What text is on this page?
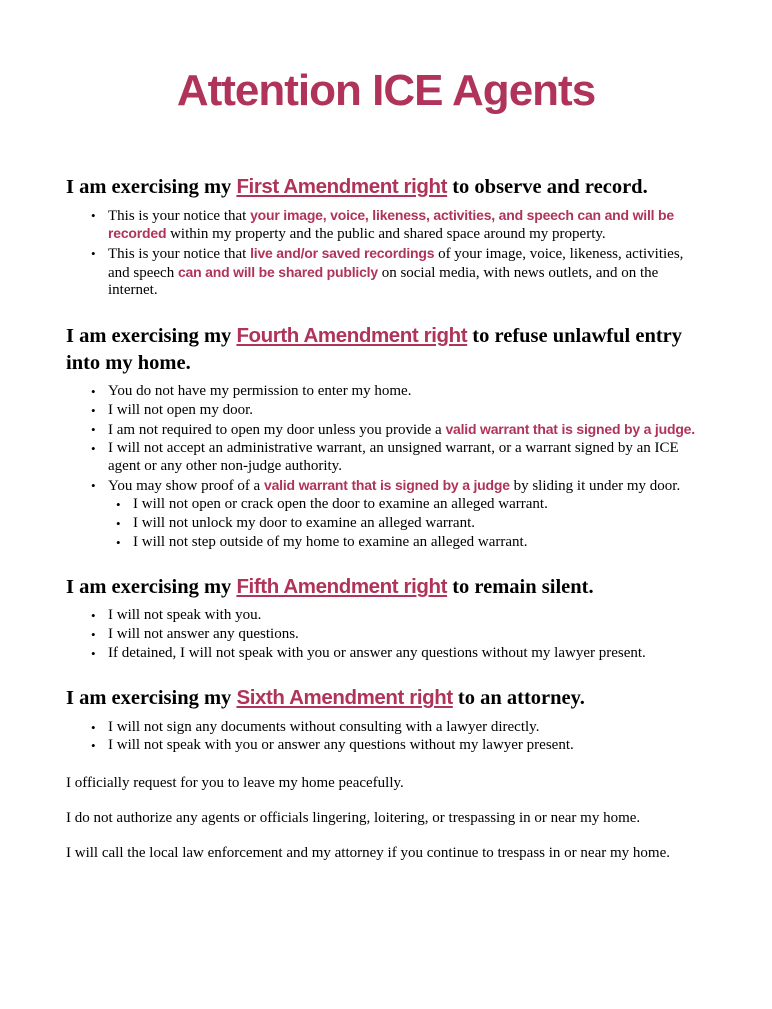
Attention ICE Agents
I am exercising my First Amendment right to observe and record.
• This is your notice that your image, voice, likeness, activities, and speech can and will be recorded within my property and the public and shared space around my property.
• This is your notice that live and/or saved recordings of your image, voice, likeness, activities, and speech can and will be shared publicly on social media, with news outlets, and on the internet.
I am exercising my Fourth Amendment right to refuse unlawful entry into my home.
• You do not have my permission to enter my home.
• I will not open my door.
• I am not required to open my door unless you provide a valid warrant that is signed by a judge.
• I will not accept an administrative warrant, an unsigned warrant, or a warrant signed by an ICE agent or any other non-judge authority.
• You may show proof of a valid warrant that is signed by a judge by sliding it under my door.
• I will not open or crack open the door to examine an alleged warrant.
• I will not unlock my door to examine an alleged warrant.
• I will not step outside of my home to examine an alleged warrant.
I am exercising my Fifth Amendment right to remain silent.
• I will not speak with you.
• I will not answer any questions.
• If detained, I will not speak with you or answer any questions without my lawyer present.
I am exercising my Sixth Amendment right to an attorney.
• I will not sign any documents without consulting with a lawyer directly.
• I will not speak with you or answer any questions without my lawyer present.

I officially request for you to leave my home peacefully.

I do not authorize any agents or officials lingering, loitering, or trespassing in or near my home.

I will call the local law enforcement and my attorney if you continue to trespass in or near my home.
